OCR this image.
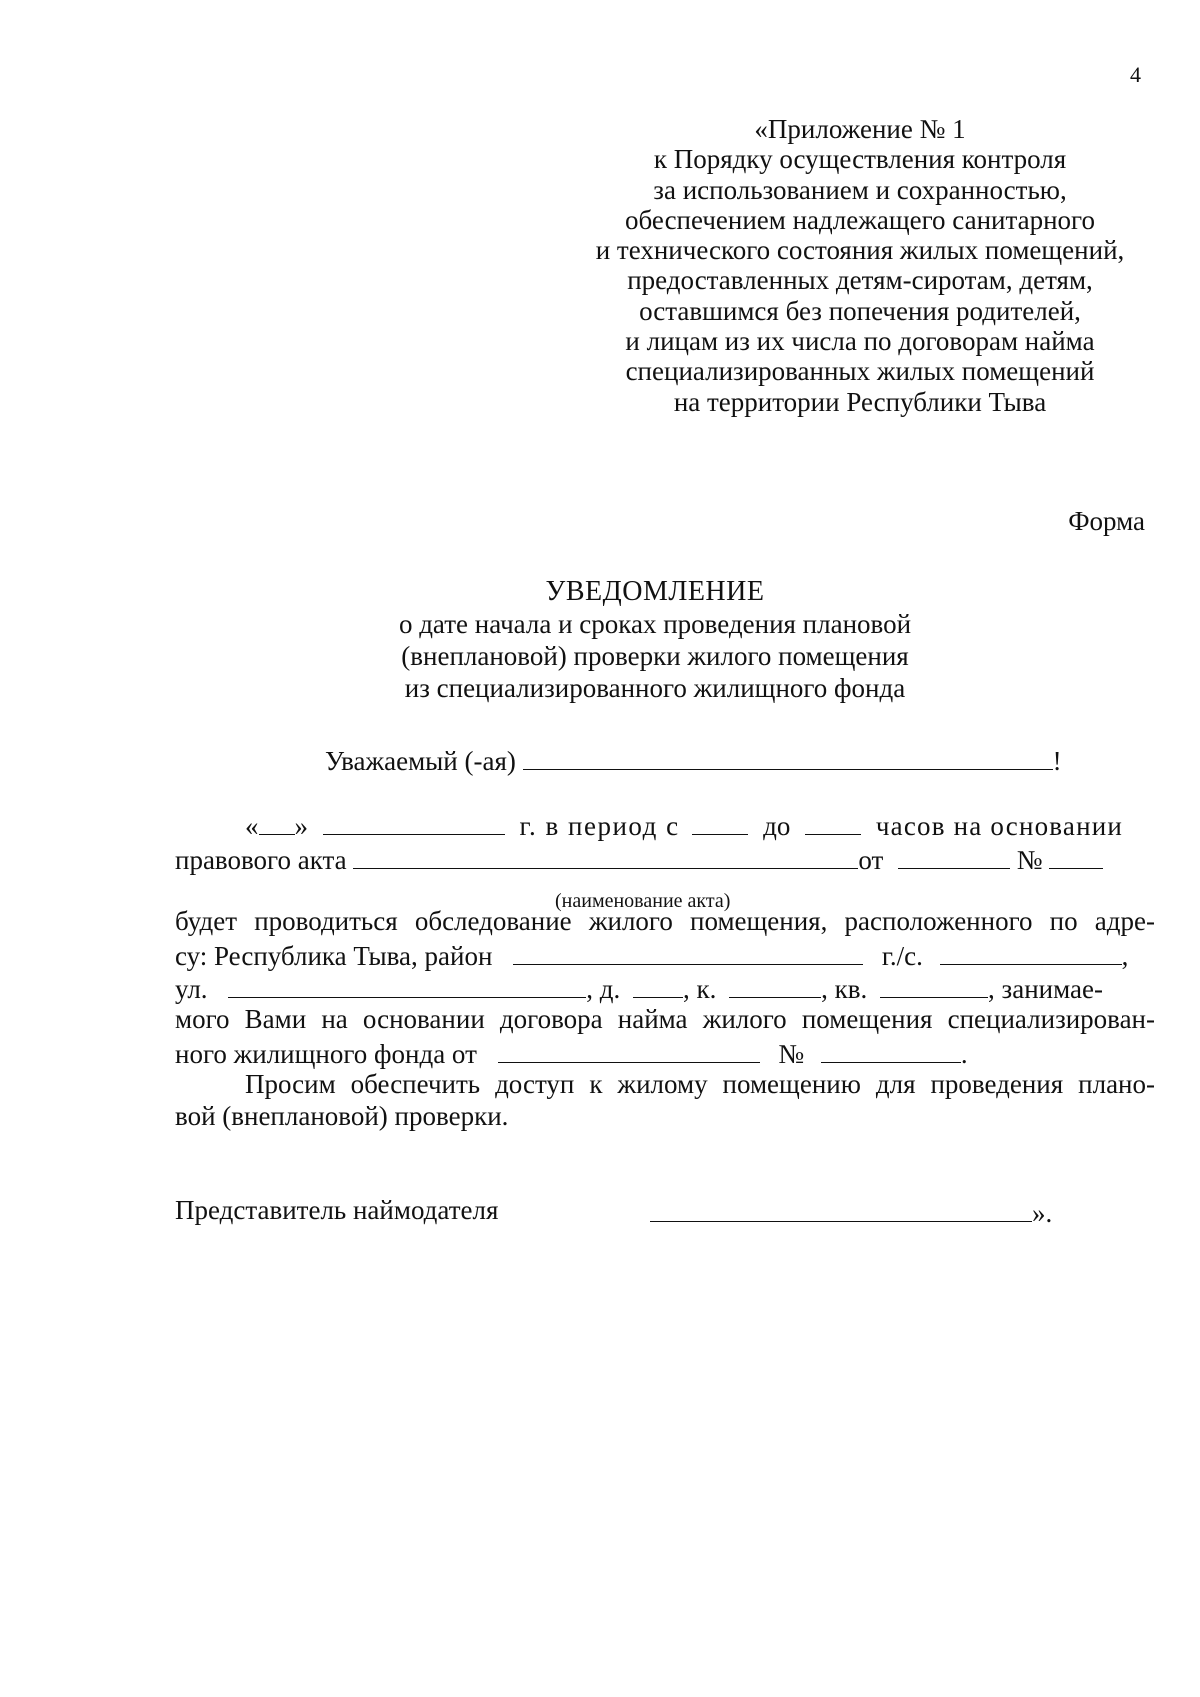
4
«Приложение № 1
к Порядку осуществления контроля
за использованием и сохранностью,
обеспечением надлежащего санитарного
и технического состояния жилых помещений,
предоставленных детям-сиротам, детям,
оставшимся без попечения родителей,
и лицам из их числа по договорам найма
специализированных жилых помещений
на территории Республики Тыва
Форма
УВЕДОМЛЕНИЕ
о дате начала и сроках проведения плановой
(внеплановой) проверки жилого помещения
из специализированного жилищного фонда
Уважаемый (-ая)	!
« »	г. в период с	до	часов на основании
правового акта	от	№
(наименование акта)
будет проводиться обследование жилого помещения, расположенного по адре-
су: Республика Тыва, район	г./с.	,
ул.	, д. , к.	, кв.	, занимае-
мого Вами на основании договора найма жилого помещения специализирован-
ного жилищного фонда от	№	.
Просим обеспечить доступ к жилому помещению для проведения плано-
вой (внеплановой) проверки.
Представитель наймодателя	».
